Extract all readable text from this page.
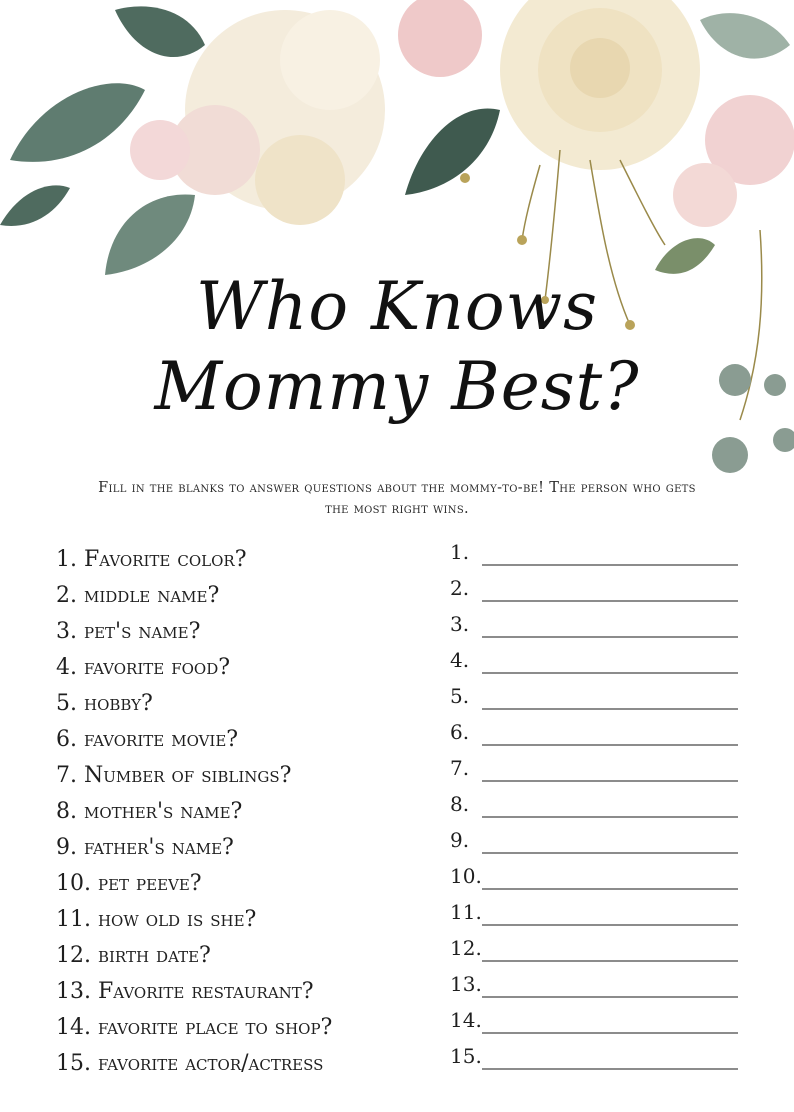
Who Knows
Mommy Best?
Fill in the blanks to answer questions about the mommy-to-be! The person who gets the most right wins.
1. Favorite color?
2. middle name?
3. pet's name?
4. favorite food?
5. hobby?
6. favorite movie?
7. Number of siblings?
8. mother's name?
9. father's name?
10. pet peeve?
11. how old is she?
12. birth date?
13. Favorite restaurant?
14. favorite place to shop?
15. favorite actor/actress
1.
2.
3.
4.
5.
6.
7.
8.
9.
10.
11.
12.
13.
14.
15.
